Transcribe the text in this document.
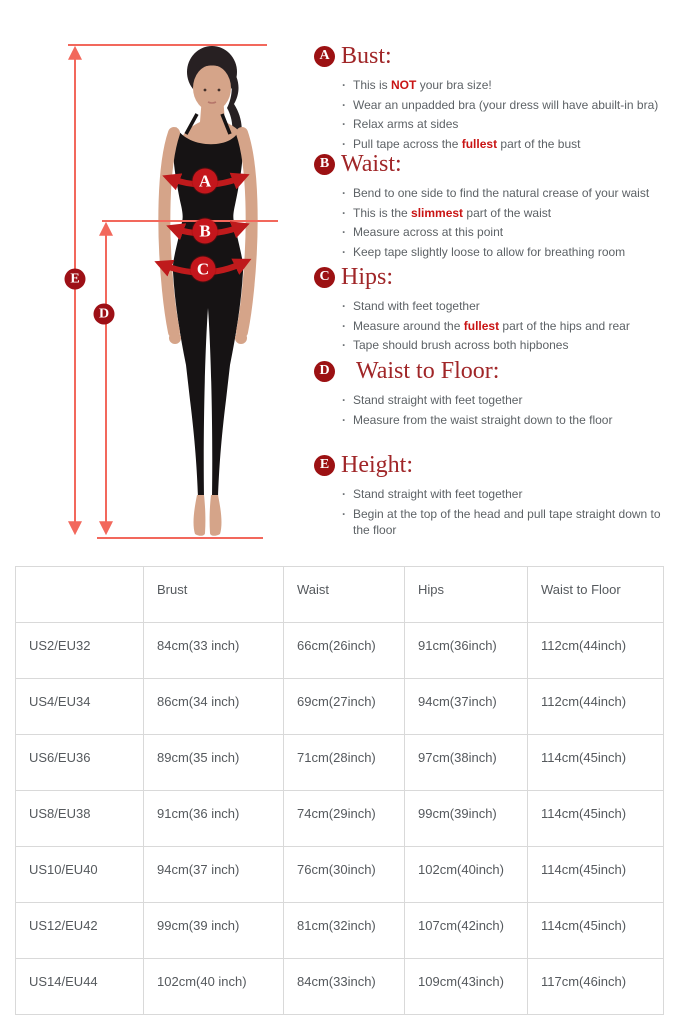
A
B
C
E
D
A Bust:
· This is NOT your bra size!
· Wear an unpadded bra (your dress will have abuilt-in bra)
· Relax arms at sides
· Pull tape across the fullest part of the bust
B Waist:
· Bend to one side to find the natural crease of your waist
· This is the slimmest part of the waist
· Measure across at this point
· Keep tape slightly loose to allow for breathing room
C Hips:
· Stand with feet together
· Measure around the fullest part of the hips and rear
· Tape should brush across both hipbones
D Waist to Floor:
· Stand straight with feet together
· Measure from the waist straight down to the floor
E Height:
· Stand straight with feet together
· Begin at the top of the head and pull tape straight down to the floor
	Brust	Waist	Hips	Waist to Floor
US2/EU32	84cm(33 inch)	66cm(26inch)	91cm(36inch)	112cm(44inch)
US4/EU34	86cm(34 inch)	69cm(27inch)	94cm(37inch)	112cm(44inch)
US6/EU36	89cm(35 inch)	71cm(28inch)	97cm(38inch)	114cm(45inch)
US8/EU38	91cm(36 inch)	74cm(29inch)	99cm(39inch)	114cm(45inch)
US10/EU40	94cm(37 inch)	76cm(30inch)	102cm(40inch)	114cm(45inch)
US12/EU42	99cm(39 inch)	81cm(32inch)	107cm(42inch)	114cm(45inch)
US14/EU44	102cm(40 inch)	84cm(33inch)	109cm(43inch)	117cm(46inch)
